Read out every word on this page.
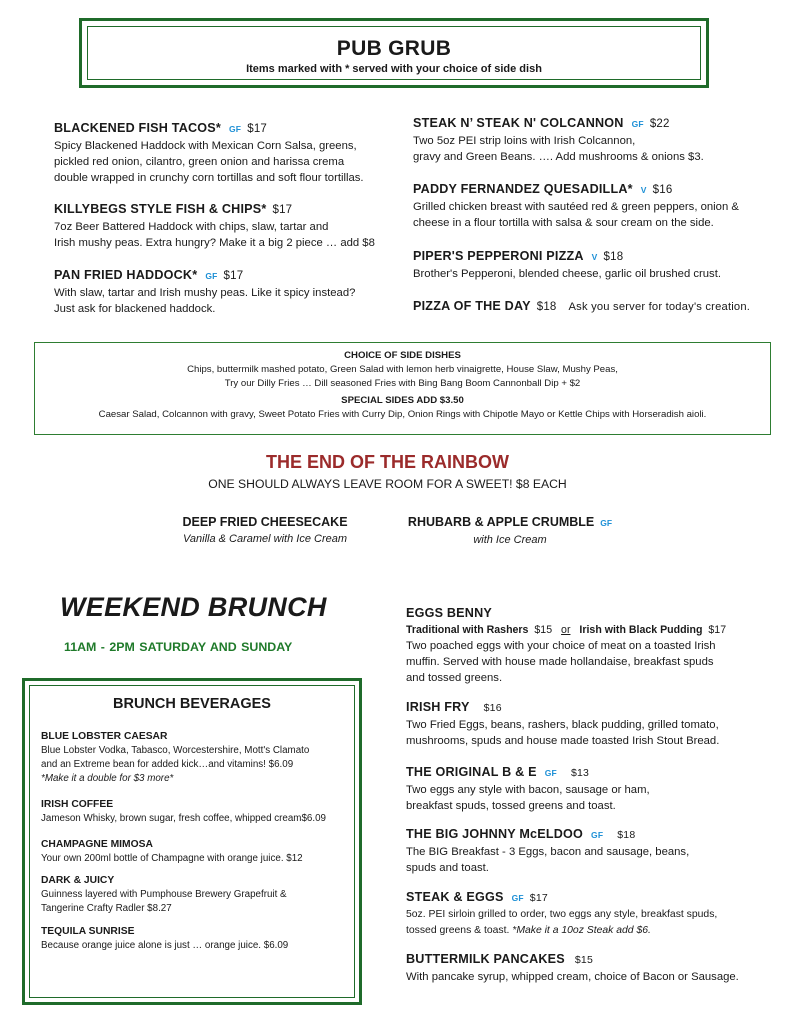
PUB GRUB
Items marked with * served with your choice of side dish
BLACKENED FISH TACOS* GF $17
Spicy Blackened Haddock with Mexican Corn Salsa, greens,
pickled red onion, cilantro, green onion and harissa crema
double wrapped in crunchy corn tortillas and soft flour tortillas.
KILLYBEGS STYLE FISH & CHIPS* $17
7oz Beer Battered Haddock with chips, slaw, tartar and
Irish mushy peas. Extra hungry? Make it a big 2 piece … add $8
PAN FRIED HADDOCK* GF $17
With slaw, tartar and Irish mushy peas. Like it spicy instead?
Just ask for blackened haddock.
STEAK N’ STEAK N' COLCANNON GF $22
Two 5oz PEI strip loins with Irish Colcannon,
gravy and Green Beans. …. Add mushrooms & onions $3.
PADDY FERNANDEZ QUESADILLA* V $16
Grilled chicken breast with sautéed red & green peppers, onion &
cheese in a flour tortilla with salsa & sour cream on the side.
PIPER'S PEPPERONI PIZZA V $18
Brother's Pepperoni, blended cheese, garlic oil brushed crust.
PIZZA OF THE DAY $18 Ask you server for today's creation.
CHOICE OF SIDE DISHES
Chips, buttermilk mashed potato, Green Salad with lemon herb vinaigrette, House Slaw, Mushy Peas,
Try our Dilly Fries … Dill seasoned Fries with Bing Bang Boom Cannonball Dip + $2
SPECIAL SIDES ADD $3.50
Caesar Salad, Colcannon with gravy, Sweet Potato Fries with Curry Dip, Onion Rings with Chipotle Mayo or Kettle Chips with Horseradish aioli.
THE END OF THE RAINBOW
ONE SHOULD ALWAYS LEAVE ROOM FOR A SWEET! $8 EACH
DEEP FRIED CHEESECAKE
Vanilla & Caramel with Ice Cream
RHUBARB & APPLE CRUMBLE GF
with Ice Cream
WEEKEND BRUNCH
11AM - 2PM SATURDAY AND SUNDAY
BRUNCH BEVERAGES
BLUE LOBSTER CAESAR
Blue Lobster Vodka, Tabasco, Worcestershire, Mott's Clamato
and an Extreme bean for added kick…and vitamins! $6.09
*Make it a double for $3 more*
IRISH COFFEE
Jameson Whisky, brown sugar, fresh coffee, whipped cream$6.09
CHAMPAGNE MIMOSA
Your own 200ml bottle of Champagne with orange juice. $12
DARK & JUICY
Guinness layered with Pumphouse Brewery Grapefruit &
Tangerine Crafty Radler $8.27
TEQUILA SUNRISE
Because orange juice alone is just … orange juice. $6.09
EGGS BENNY
Traditional with Rashers $15 or Irish with Black Pudding $17
Two poached eggs with your choice of meat on a toasted Irish
muffin. Served with house made hollandaise, breakfast spuds
and tossed greens.
IRISH FRY $16
Two Fried Eggs, beans, rashers, black pudding, grilled tomato,
mushrooms, spuds and house made toasted Irish Stout Bread.
THE ORIGINAL B & E GF $13
Two eggs any style with bacon, sausage or ham,
breakfast spuds, tossed greens and toast.
THE BIG JOHNNY McELDOO GF $18
The BIG Breakfast - 3 Eggs, bacon and sausage, beans,
spuds and toast.
STEAK & EGGS GF $17
5oz. PEI sirloin grilled to order, two eggs any style, breakfast spuds,
tossed greens & toast. *Make it a 10oz Steak add $6.
BUTTERMILK PANCAKES $15
With pancake syrup, whipped cream, choice of Bacon or Sausage.
